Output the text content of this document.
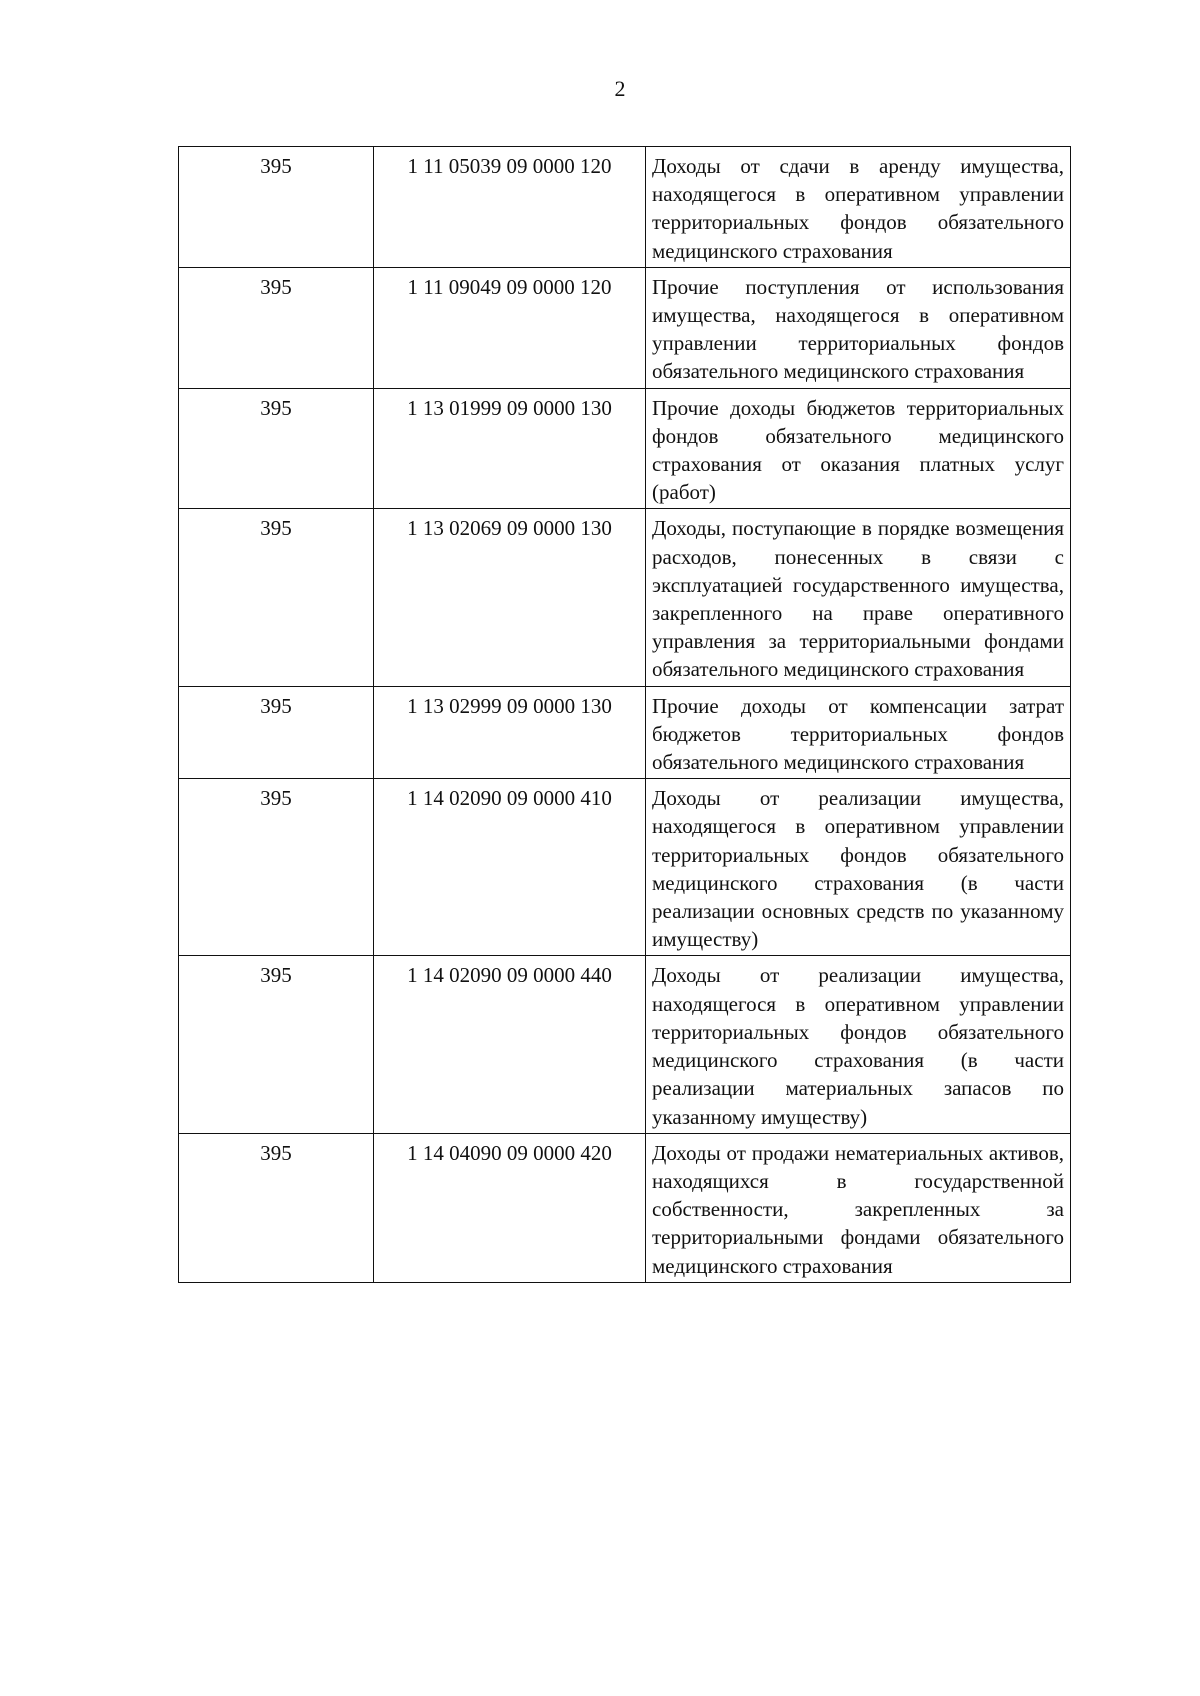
2
395	1 11 05039 09 0000 120	Доходы от сдачи в аренду имущества, находящегося в оперативном управлении территориальных фондов обязательного медицинского страхования
395	1 11 09049 09 0000 120	Прочие поступления от использования имущества, находящегося в оперативном управлении территориальных фондов обязательного медицинского страхования
395	1 13 01999 09 0000 130	Прочие доходы бюджетов территориальных фондов обязательного медицинского страхования от оказания платных услуг (работ)
395	1 13 02069 09 0000 130	Доходы, поступающие в порядке возмещения расходов, понесенных в связи с эксплуатацией государственного имущества, закрепленного на праве оперативного управления за территориальными фондами обязательного медицинского страхования
395	1 13 02999 09 0000 130	Прочие доходы от компенсации затрат бюджетов территориальных фондов обязательного медицинского страхования
395	1 14 02090 09 0000 410	Доходы от реализации имущества, находящегося в оперативном управлении территориальных фондов обязательного медицинского страхования (в части реализации основных средств по указанному имуществу)
395	1 14 02090 09 0000 440	Доходы от реализации имущества, находящегося в оперативном управлении территориальных фондов обязательного медицинского страхования (в части реализации материальных запасов по указанному имуществу)
395	1 14 04090 09 0000 420	Доходы от продажи нематериальных активов, находящихся в государственной собственности, закрепленных за территориальными фондами обязательного медицинского страхования
